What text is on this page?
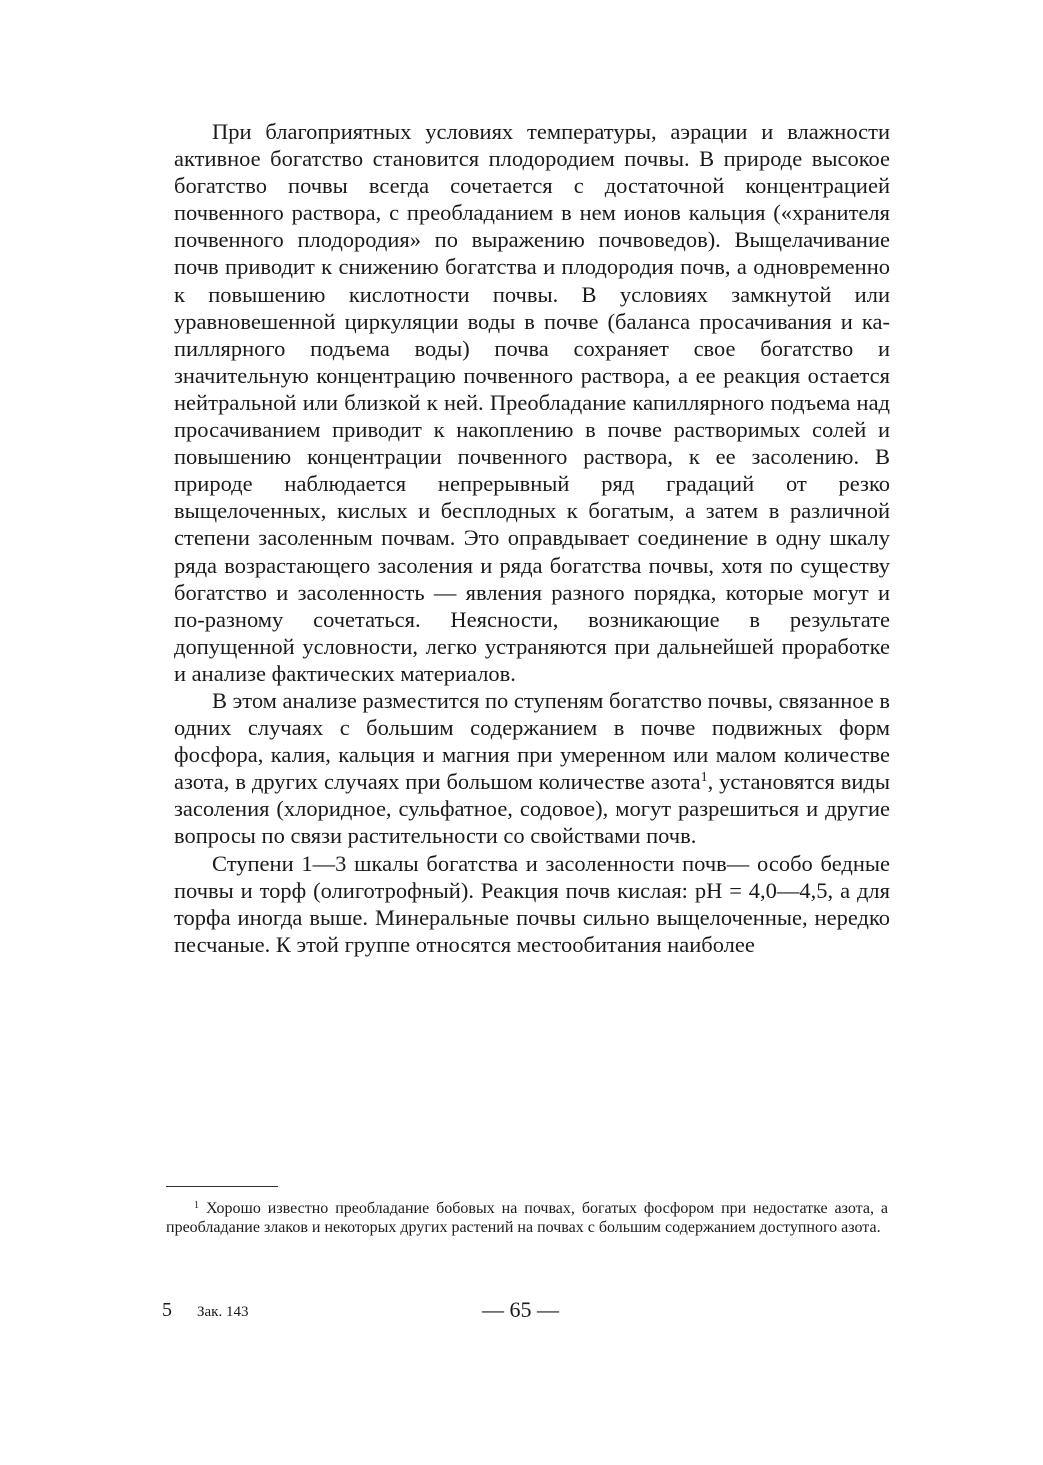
При благоприятных условиях температуры, аэрации и влажности активное богатство становится плодородием почвы. В природе высокое богатство почвы всегда сочетается с достаточной концентрацией почвенного раствора, с преобладанием в нем ионов кальция («хранителя почвенного плодородия» по выражению почвоведов). Выщелачивание почв приводит к снижению богатства и плодородия почв, а одновременно к повышению кислотности почвы. В условиях замкнутой или уравновешенной циркуляции воды в почве (баланса просачивания и капиллярного подъема воды) почва сохраняет свое богатство и значительную концентрацию почвенного раствора, а ее реакция остается нейтральной или близкой к ней. Преобладание капиллярного подъема над просачиванием приводит к накоплению в почве растворимых солей и повышению концентрации почвенного раствора, к ее засолению. В природе наблюдается непрерывный ряд градаций от резко выщелоченных, кислых и бесплодных к богатым, а затем в различной степени засоленным почвам. Это оправдывает соединение в одну шкалу ряда возрастающего засоления и ряда богатства почвы, хотя по существу богатство и засоленность — явления разного порядка, которые могут и по-разному сочетаться. Неясности, возникающие в результате допущенной условности, легко устраняются при дальнейшей проработке и анализе фактических материалов.

В этом анализе разместится по ступеням богатство почвы, связанное в одних случаях с большим содержанием в почве подвижных форм фосфора, калия, кальция и магния при умеренном или малом количестве азота, в других случаях при большом количестве азота$^1$, установятся виды засоления (хлоридное, сульфатное, содовое), могут разрешиться и другие вопросы по связи растительности со свойствами почв.

Ступени 1—3 шкалы богатства и засоленности почв— особо бедные почвы и торф (олиготрофный). Реакция почв кислая: pH = 4,0—4,5, а для торфа иногда выше. Минеральные почвы сильно выщелоченные, нередко песчаные. К этой группе относятся местообитания наиболее

$^1$ Хорошо известно преобладание бобовых на почвах, богатых фосфором при недостатке азота, а преобладание злаков и некоторых других растений на почвах с большим содержанием доступного азота.

5 Зак. 143	— 65 —
